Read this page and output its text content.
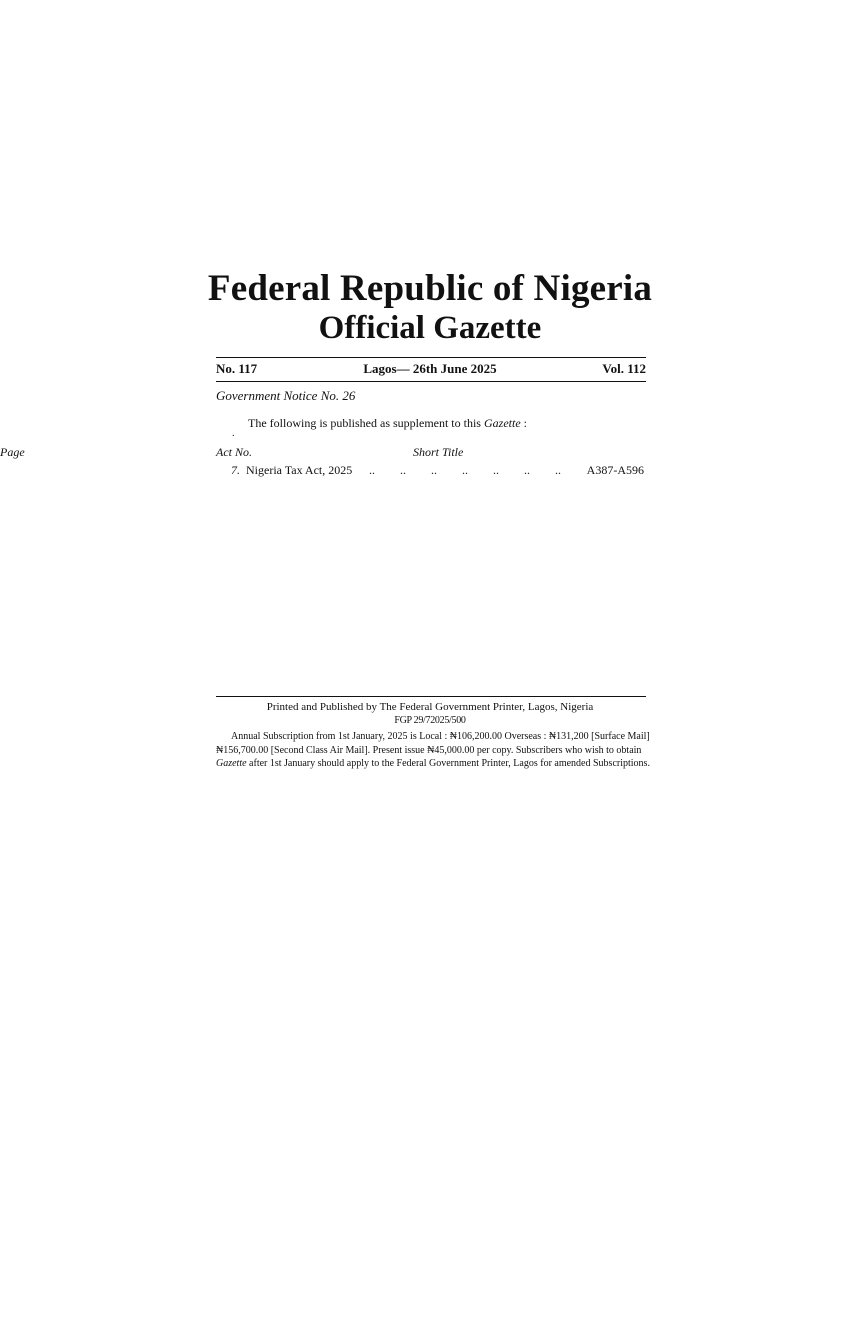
Federal Republic of Nigeria
Official Gazette
No. 117	Lagos— 26th June 2025	Vol. 112
Government Notice No. 26
The following is published as supplement to this Gazette :
.
Act No.	Short Title
Page
7. Nigeria Tax Act, 2025 .. .. .. .. .. .. ..	A387-A596
Printed and Published by The Federal Government Printer, Lagos, Nigeria
FGP 29/72025/500
Annual Subscription from 1st January, 2025 is Local : ₦106,200.00 Overseas : ₦131,200 [Surface Mail]
₦156,700.00 [Second Class Air Mail]. Present issue ₦45,000.00 per copy. Subscribers who wish to obtain
Gazette after 1st January should apply to the Federal Government Printer, Lagos for amended Subscriptions.
